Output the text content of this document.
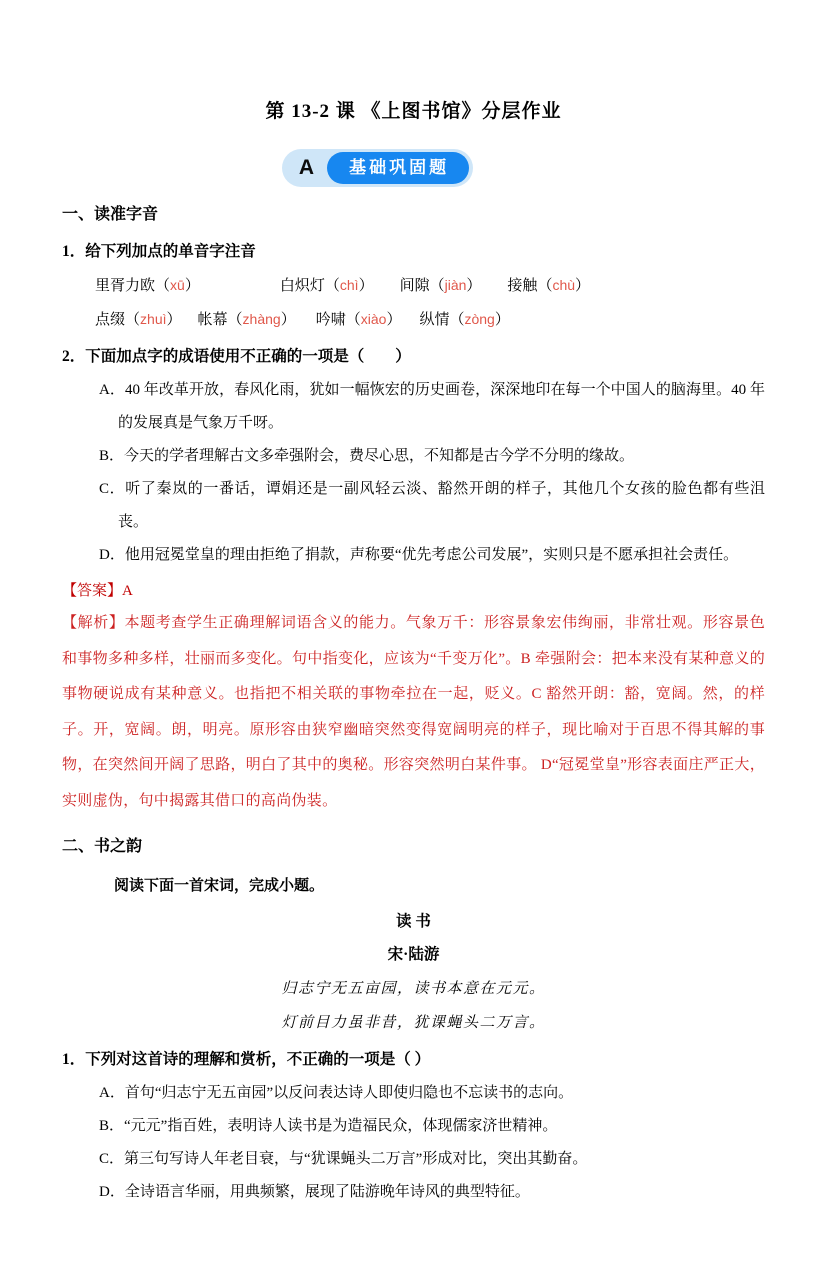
第 13-2 课 《上图书馆》分层作业
A	基础巩固题
一、读准字音
1．给下列加点的单音字注音
里胥力欧 （ xū ）	白炽灯 （ chì ）	间隙 （ jiàn ）	接触 （ chù ）
点缀 （ zhuì ）	帐幕 （ zhàng ）	吟啸 （ xiào ）	纵情 （ zòng ）
2．下面加点字的成语使用不正确的一项是（　　）
A．40 年改革开放，春风化雨，犹如一幅恢宏的历史画卷，深深地印在每一个中国人的脑海里。40 年的发展真是气象万千呀。
B．今天的学者理解古文多牵强附会，费尽心思，不知都是古今学不分明的缘故。
C．听了秦岚的一番话，谭娟还是一副风轻云淡、豁然开朗的样子，其他几个女孩的脸色都有些沮丧。
D．他用冠冕堂皇的理由拒绝了捐款，声称要“优先考虑公司发展”，实则只是不愿承担社会责任。
【答案】A
【解析】本题考查学生正确理解词语含义的能力。气象万千：形容景象宏伟绚丽，非常壮观。形容景色和事物多种多样，壮丽而多变化。句中指变化，应该为“千变万化”。B 牵强附会：把本来没有某种意义的事物硬说成有某种意义。也指把不相关联的事物牵拉在一起，贬义。C 豁然开朗：豁，宽阔。然，的样子。开，宽阔。朗，明亮。原形容由狭窄幽暗突然变得宽阔明亮的样子，现比喻对于百思不得其解的事物，在突然间开阔了思路，明白了其中的奥秘。形容突然明白某件事。 D“冠冕堂皇”形容表面庄严正大，实则虚伪，句中揭露其借口的高尚伪装。
二、书之韵
阅读下面一首宋词，完成小题。
读 书
宋·陆游
归志宁无五亩园，读书本意在元元。
灯前目力虽非昔，犹课蝇头二万言。
1．下列对这首诗的理解和赏析，不正确的一项是（ ）
A．首句“归志宁无五亩园”以反问表达诗人即使归隐也不忘读书的志向。
B．“元元”指百姓，表明诗人读书是为造福民众，体现儒家济世精神。
C．第三句写诗人年老目衰，与“犹课蝇头二万言”形成对比，突出其勤奋。
D．全诗语言华丽，用典频繁，展现了陆游晚年诗风的典型特征。
